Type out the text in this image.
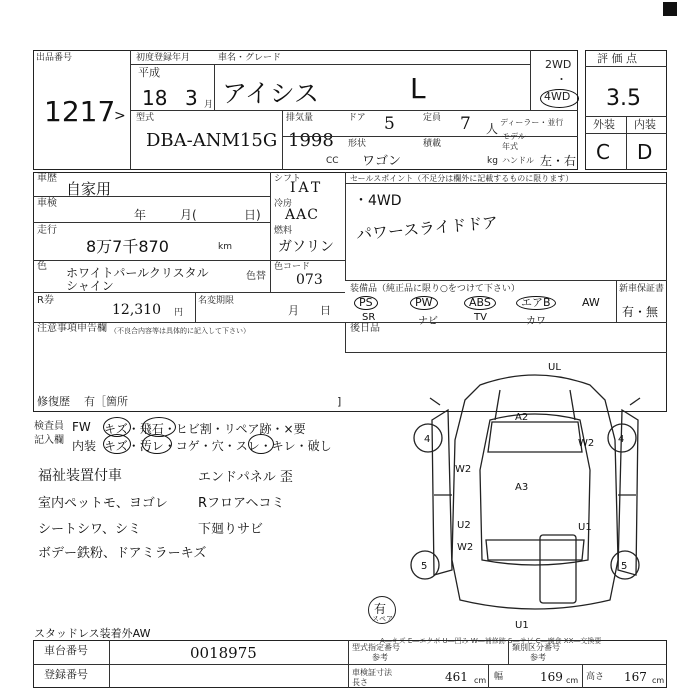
出品番号
1217
>
初度登録年月	車名・グレード
平成
18 3 月 アイシス	L
2WD
・
4WD
型式
DBA-ANM15G
排気量
1998
CC
ドア 5	定員 7 人 ディーラー・並行
形状
ワゴン
積載
kg
モデル年式
ハンドル 左・右
評 価 点
3.5
外装 内装
C D
車歴
自家用
車検
年	月(	日)
走行
8万7千870	km
シフト
IAT
冷房
AAC
燃料
ガソリン
セールスポイント（不足分は欄外に記載するものに限ります）
・4WD
パワースライドドア
色 ホワイトパールクリスタル
シャイン
色替
色コード
073
装備品（純正品に限り○をつけて下さい）	新車保証書
有・無
PS	PW	ABS	エアB	AW
SR	ナビ	TV	カワ
R券
12,310 円
名変期限
月 日
注意事項申告欄 （不良合内容等は具体的に記入して下さい）	後日品
修復歴 有［箇所	]
検査員
記入欄
FW キズ・飛石・ヒビ割・リペア跡・×要
内装 キズ・汚レ・コゲ・穴・スレ・キレ・破し
福祉装置付車
室内ペットモ、ヨゴレ
シートシワ、シミ
ボデー鉄粉、ドアミラーキズ
エンドパネル 歪
Rフロアヘコミ
下廻りサビ
A2
A3
W2
W2
U2	U1
W2
U1
4	4
5	5
UL
有
スペア
A―キズ E―エクボ U―凹み W―補修跡 S―サビ C―腐食 XX―交換要
スタッドレス装着外AW
車台番号	0018975
登録番号
型式指定番号
参考
類別区分番号
参考
車検証寸法 長さ	461 cm 幅	169 cm 高さ 167 cm
